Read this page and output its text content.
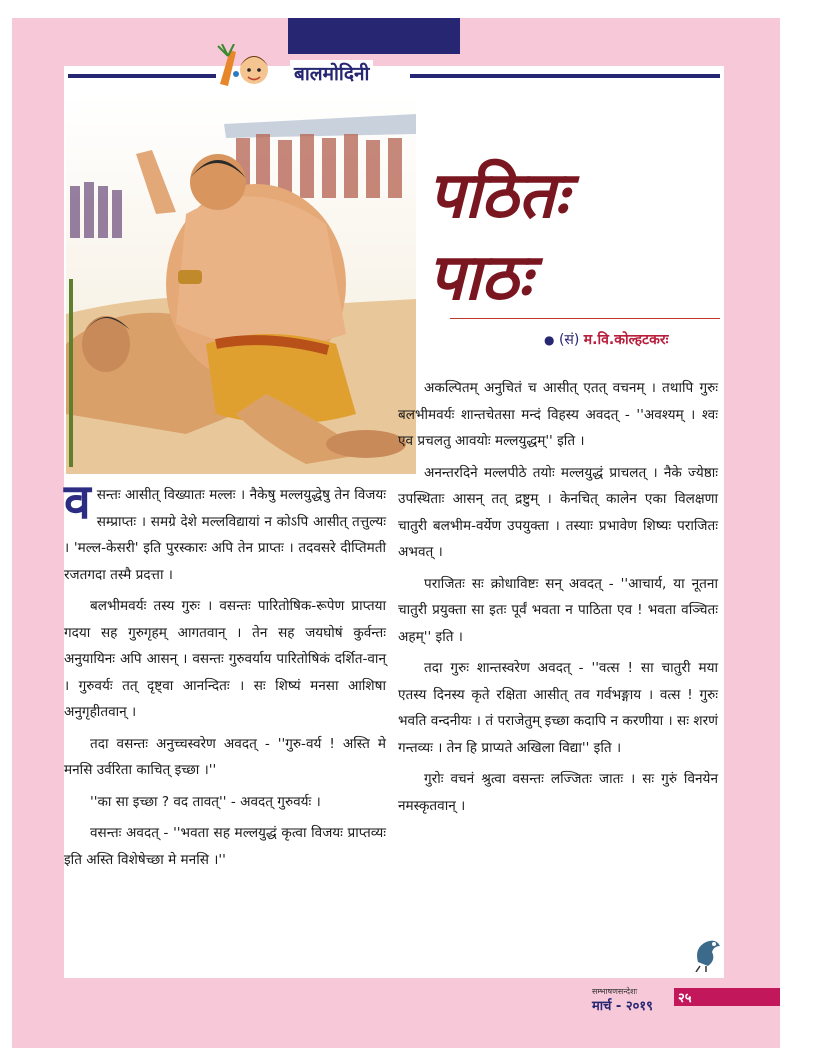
बालमोदिनी
पठितः
पाठः
● (सं) म.वि.कोल्हटकरः

वसन्तः आसीत् विख्यातः मल्लः । नैकेषु मल्लयुद्धेषु तेन विजयः सम्प्राप्तः । समग्रे देशे मल्लविद्यायां न कोऽपि आसीत् तत्तुल्यः । 'मल्ल-केसरी' इति पुरस्कारः अपि तेन प्राप्तः । तदवसरे दीप्तिमती रजतगदा तस्मै प्रदत्ता ।

बलभीमवर्यः तस्य गुरुः । वसन्तः पारितोषिक-रूपेण प्राप्तया गदया सह गुरुगृहम् आगतवान् । तेन सह जयघोषं कुर्वन्तः अनुयायिनः अपि आसन् । वसन्तः गुरुवर्याय पारितोषिकं दर्शित-वान् । गुरुवर्यः तत् दृष्ट्वा आनन्दितः । सः शिष्यं मनसा आशिषा अनुगृहीतवान् ।

तदा वसन्तः अनुच्चस्वरेण अवदत् - ''गुरु-वर्य ! अस्ति मे मनसि उर्वरिता काचित् इच्छा ।''

''का सा इच्छा ? वद तावत्'' - अवदत् गुरुवर्यः ।

वसन्तः अवदत् - ''भवता सह मल्लयुद्धं कृत्वा विजयः प्राप्तव्यः इति अस्ति विशेषेच्छा मे मनसि ।''

अकल्पितम् अनुचितं च आसीत् एतत् वचनम् । तथापि गुरुः बलभीमवर्यः शान्तचेतसा मन्दं विहस्य अवदत् - ''अवश्यम् । श्वः एव प्रचलतु आवयोः मल्लयुद्धम्'' इति ।

अनन्तरदिने मल्लपीठे तयोः मल्लयुद्धं प्राचलत् । नैके ज्येष्ठाः उपस्थिताः आसन् तत् द्रष्टुम् । केनचित् कालेन एका विलक्षणा चातुरी बलभीम-वर्येण उपयुक्ता । तस्याः प्रभावेण शिष्यः पराजितः अभवत् ।

पराजितः सः क्रोधाविष्टः सन् अवदत् - ''आचार्य, या नूतना चातुरी प्रयुक्ता सा इतः पूर्वं भवता न पाठिता एव ! भवता वञ्चितः अहम्'' इति ।

तदा गुरुः शान्तस्वरेण अवदत् - ''वत्स ! सा चातुरी मया एतस्य दिनस्य कृते रक्षिता आसीत् तव गर्वभङ्गाय । वत्स ! गुरुः भवति वन्दनीयः । तं पराजेतुम् इच्छा कदापि न करणीया । सः शरणं गन्तव्यः । तेन हि प्राप्यते अखिला विद्या'' इति ।

गुरोः वचनं श्रुत्वा वसन्तः लज्जितः जातः । सः गुरुं विनयेन नमस्कृतवान् ।

सम्भाषणसन्देशः
मार्च - २०१९
२५
